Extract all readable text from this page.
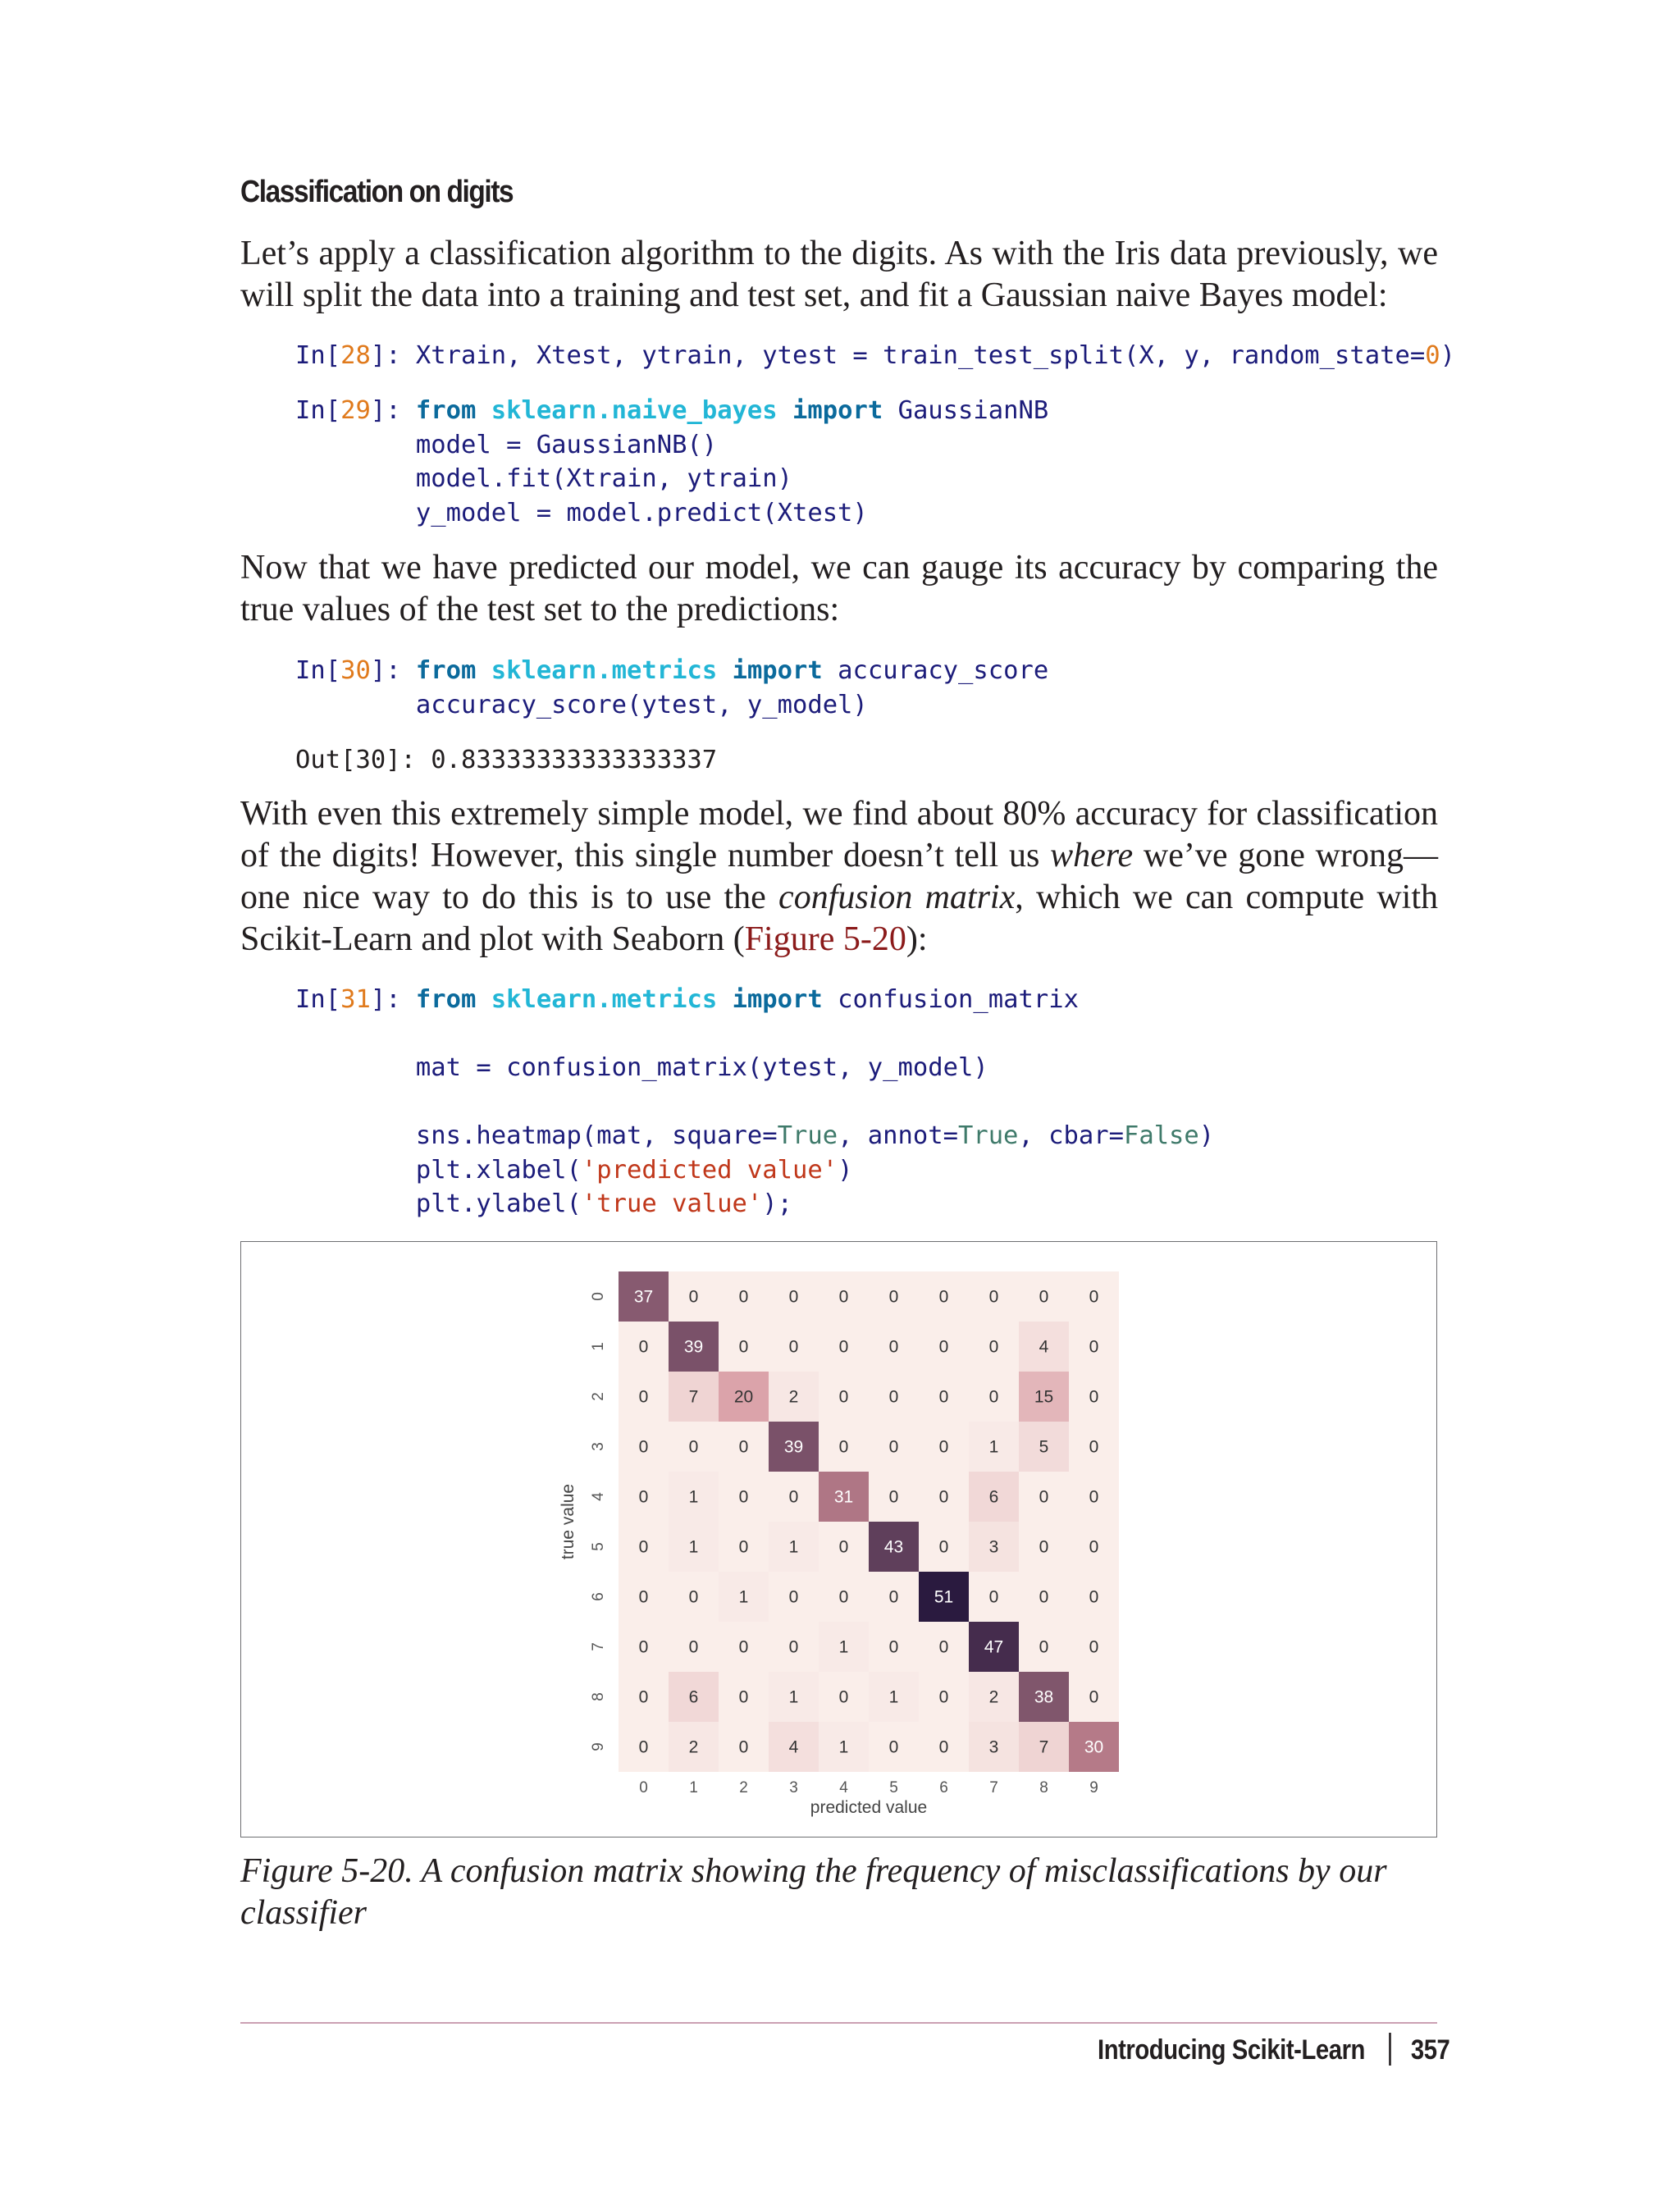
Classification on digits
Let’s apply a classification algorithm to the digits. As with the Iris data previously, we
will split the data into a training and test set, and fit a Gaussian naive Bayes model:
In[28]: Xtrain, Xtest, ytrain, ytest = train_test_split(X, y, random_state=0)
In[29]: from sklearn.naive_bayes import GaussianNB
model = GaussianNB()
model.fit(Xtrain, ytrain)
y_model = model.predict(Xtest)
Now that we have predicted our model, we can gauge its accuracy by comparing the
true values of the test set to the predictions:
In[30]: from sklearn.metrics import accuracy_score
accuracy_score(ytest, y_model)
Out[30]: 0.83333333333333337
With even this extremely simple model, we find about 80% accuracy for classification
of the digits! However, this single number doesn’t tell us where we’ve gone wrong—
one nice way to do this is to use the confusion matrix, which we can compute with
Scikit-Learn and plot with Seaborn (Figure 5-20):
In[31]: from sklearn.metrics import confusion_matrix

mat = confusion_matrix(ytest, y_model)

sns.heatmap(mat, square=True, annot=True, cbar=False)
plt.xlabel('predicted value')
plt.ylabel('true value');
predicted value
true value
37 0 0 0 0 0 0 0 0 0
0 39 0 0 0 0 0 0 4 0
0 7 20 2 0 0 0 0 15 0
0 0 0 39 0 0 0 1 5 0
0 1 0 0 31 0 0 6 0 0
0 1 0 1 0 43 0 3 0 0
0 0 1 0 0 0 51 0 0 0
0 0 0 0 1 0 0 47 0 0
0 6 0 1 0 1 0 2 38 0
0 2 0 4 1 0 0 3 7 30
0	1	2	3	4	5	6	7	8	9
0
1
2
3
4
5
6
7
8
9
Figure 5-20. A confusion matrix showing the frequency of misclassifications by our
classifier
Introducing Scikit-Learn 357
